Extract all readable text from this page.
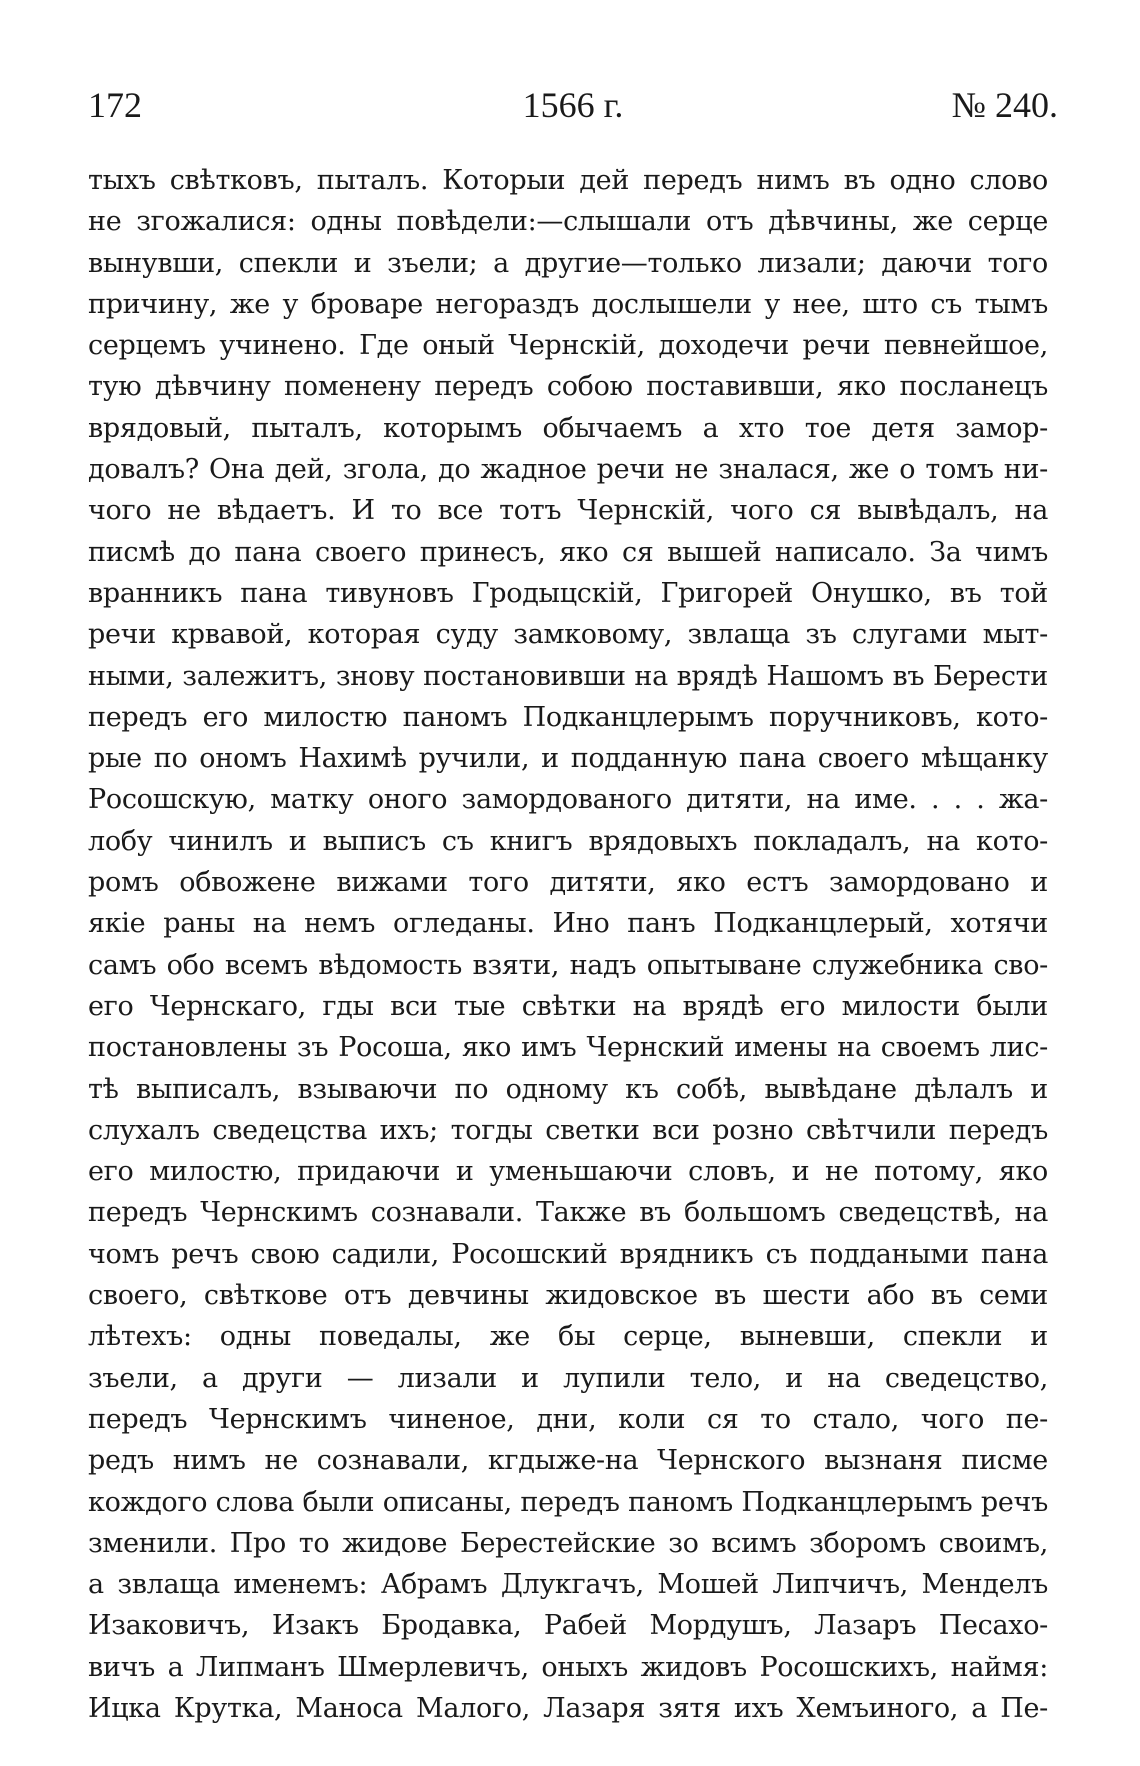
172	1566 г.	№ 240.
тыхъ свѣтковъ, пыталъ. Которыи дей передъ нимъ въ одно слово
не згожалися: одны повѣдели:—слышали отъ дѣвчины, же серце
вынувши, спекли и зъели; а другие—только лизали; даючи того
причину, же у броваре негораздъ дослышели у нее, што съ тымъ
серцемъ учинено. Где оный Чернскій, доходечи речи певнейшое,
тую дѣвчину поменену передъ собою поставивши, яко посланецъ
врядовый, пыталъ, которымъ обычаемъ а хто тое детя замор-
довалъ? Она дей, згола, до жадное речи не зналася, же о томъ ни-
чого не вѣдаетъ. И то все тотъ Чернскій, чого ся вывѣдалъ, на
писмѣ до пана своего принесъ, яко ся вышей написало. За чимъ
вранникъ пана тивуновъ Гродыцскій, Григорей Онушко, въ той
речи крвавой, которая суду замковому, звлаща зъ слугами мыт-
ными, залежитъ, знову постановивши на врядѣ Нашомъ въ Берести
передъ его милостю паномъ Подканцлерымъ поручниковъ, кото-
рые по ономъ Нахимѣ ручили, и подданную пана своего мѣщанку
Росошскую, матку оного замордованого дитяти, на име. . . . жа-
лобу чинилъ и выписъ съ книгъ врядовыхъ покладалъ, на кото-
ромъ обвожене вижами того дитяти, яко естъ замордовано и
якіе раны на немъ огледаны. Ино панъ Подканцлерый, хотячи
самъ обо всемъ вѣдомость взяти, надъ опытыване служебника сво-
его Чернскаго, гды вси тые свѣтки на врядѣ его милости были
постановлены зъ Росоша, яко имъ Чернский имены на своемъ лис-
тѣ выписалъ, взываючи по одному къ собѣ, вывѣдане дѣлалъ и
слухалъ сведецства ихъ; тогды светки вси розно свѣтчили передъ
его милостю, придаючи и уменьшаючи словъ, и не потому, яко
передъ Чернскимъ сознавали. Также въ большомъ сведецствѣ, на
чомъ речъ свою садили, Росошский врядникъ съ поддаными пана
своего, свѣткове отъ девчины жидовское въ шести або въ семи
лѣтехъ: одны поведалы, же бы серце, выневши, спекли и
зъели, а други — лизали и лупили тело, и на сведецство,
передъ Чернскимъ чиненое, дни, коли ся то стало, чого пе-
редъ нимъ не сознавали, кгдыже-на Чернского вызнаня писме
кождого слова были описаны, передъ паномъ Подканцлерымъ речъ
зменили. Про то жидове Берестейские зо всимъ зборомъ своимъ,
а звлаща именемъ: Абрамъ Длукгачъ, Мошей Липчичъ, Менделъ
Изаковичъ, Изакъ Бродавка, Рабей Мордушъ, Лазаръ Песахо-
вичъ а Липманъ Шмерлевичъ, оныхъ жидовъ Росошскихъ, наймя:
Ицка Крутка, Маноса Малого, Лазаря зятя ихъ Хемъиного, а Пе-
